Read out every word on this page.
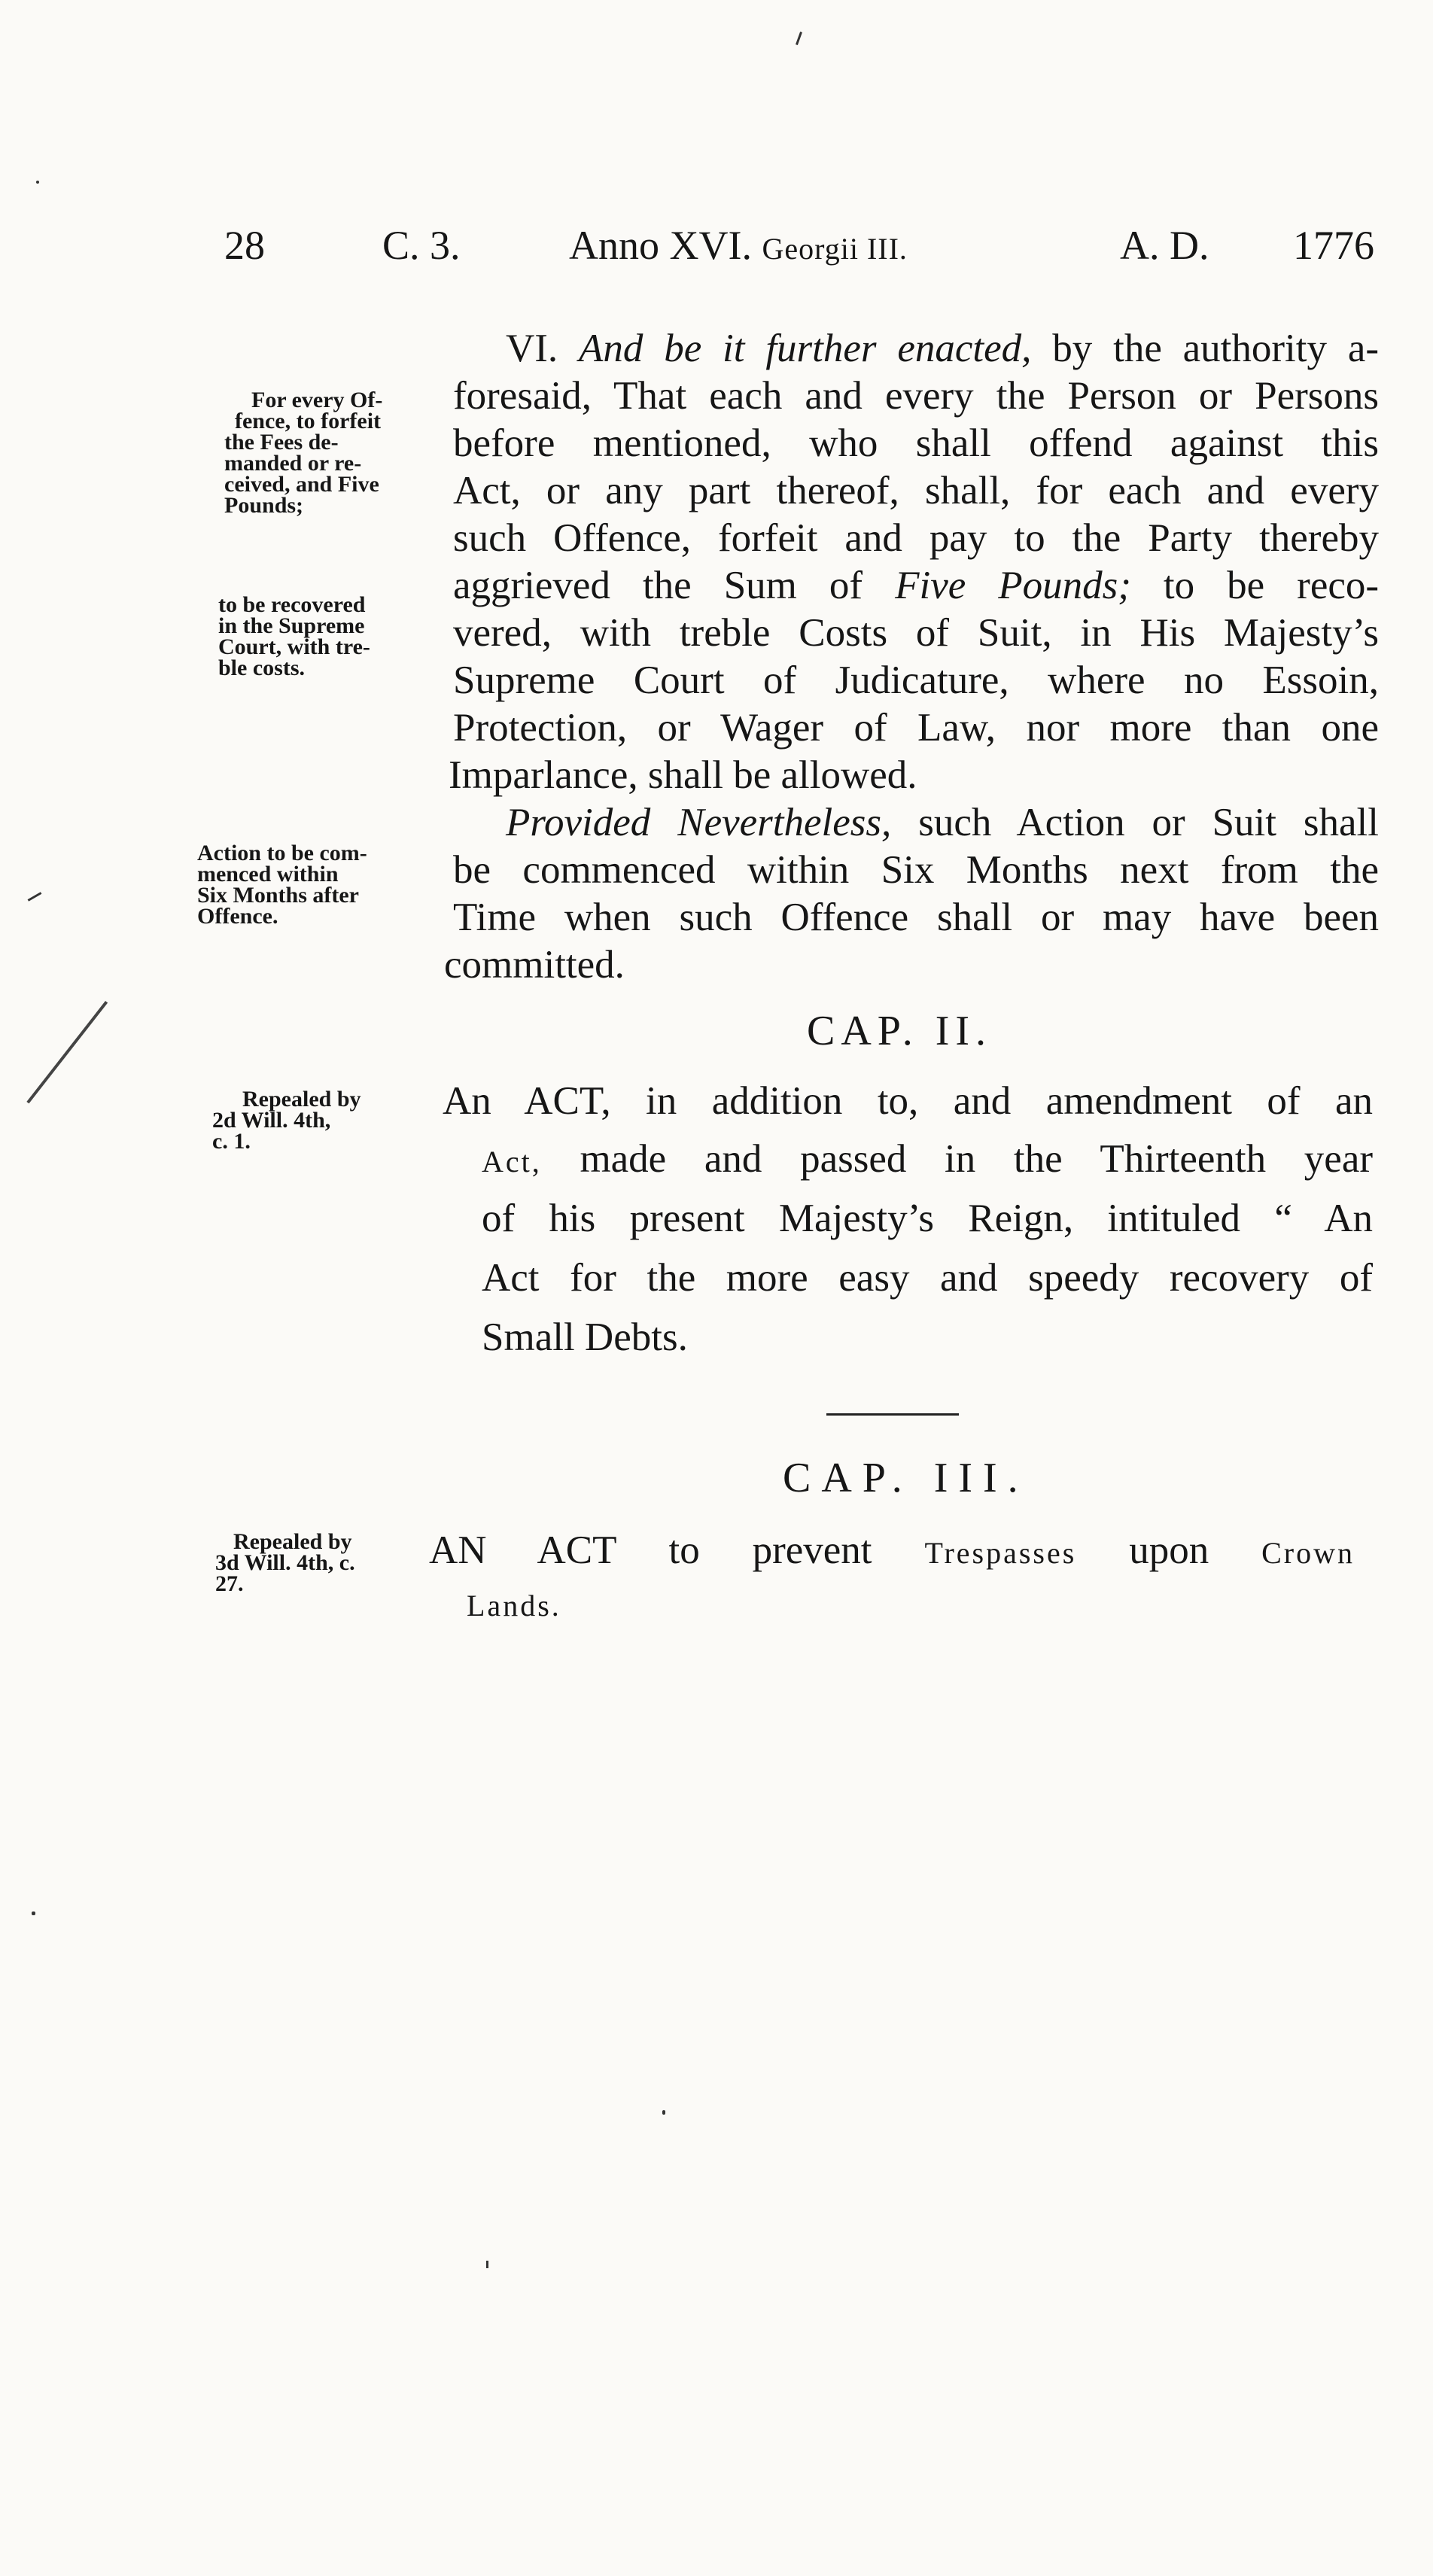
28	C. 3.	Anno XVI. Georgii III.	A. D. 1776
VI. And be it further enacted, by the authority a-
foresaid, That each and every the Person or Persons
before mentioned, who shall offend against this
Act, or any part thereof, shall, for each and every
such Offence, forfeit and pay to the Party thereby
aggrieved the Sum of Five Pounds; to be reco-
vered, with treble Costs of Suit, in His Majesty’s
Supreme Court of Judicature, where no Essoin,
Protection, or Wager of Law, nor more than one
Imparlance, shall be allowed.
Provided Nevertheless, such Action or Suit shall
be commenced within Six Months next from the
Time when such Offence shall or may have been
committed.
For every Of-
fence, to forfeit
the Fees de-
manded or re-
ceived, and Five
Pounds;
to be recovered
in the Supreme
Court, with tre-
ble costs.
Action to be com-
menced within
Six Months after
Offence.
CAP. II.
Repealed by
2d Will. 4th,
c. 1.
An ACT, in addition to, and amendment of an
Act, made and passed in the Thirteenth year
of his present Majesty’s Reign, intituled “ An
Act for the more easy and speedy recovery of
Small Debts.
CAP. III.
Repealed by
3d Will. 4th, c.
27.
AN ACT to prevent Trespasses upon Crown
Lands.
